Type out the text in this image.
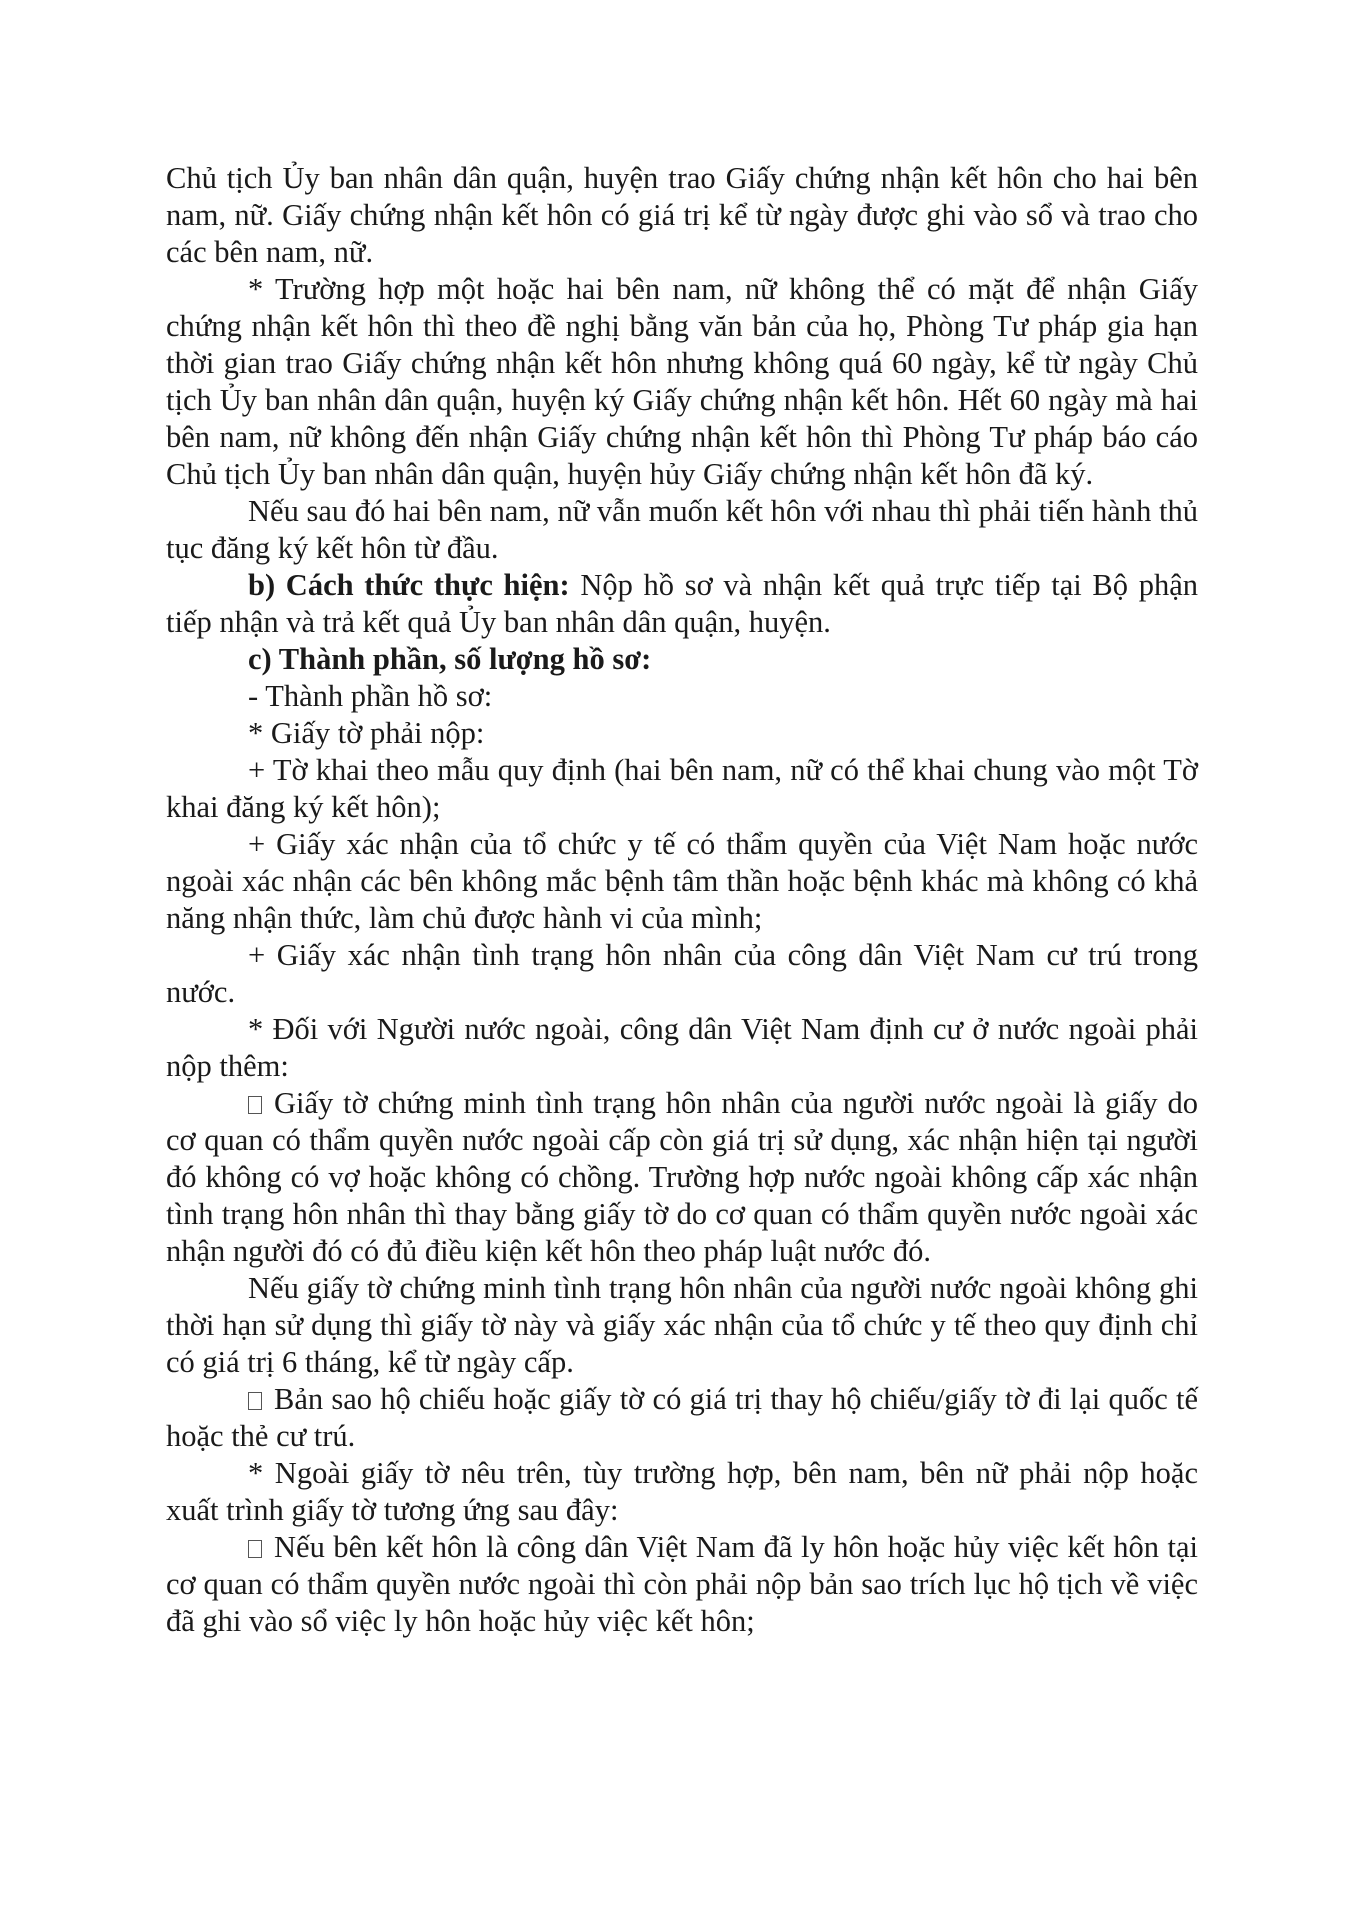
Chủ tịch Ủy ban nhân dân quận, huyện trao Giấy chứng nhận kết hôn cho hai bên nam, nữ. Giấy chứng nhận kết hôn có giá trị kể từ ngày được ghi vào sổ và trao cho các bên nam, nữ.

* Trường hợp một hoặc hai bên nam, nữ không thể có mặt để nhận Giấy chứng nhận kết hôn thì theo đề nghị bằng văn bản của họ, Phòng Tư pháp gia hạn thời gian trao Giấy chứng nhận kết hôn nhưng không quá 60 ngày, kể từ ngày Chủ tịch Ủy ban nhân dân quận, huyện ký Giấy chứng nhận kết hôn. Hết 60 ngày mà hai bên nam, nữ không đến nhận Giấy chứng nhận kết hôn thì Phòng Tư pháp báo cáo Chủ tịch Ủy ban nhân dân quận, huyện hủy Giấy chứng nhận kết hôn đã ký.

Nếu sau đó hai bên nam, nữ vẫn muốn kết hôn với nhau thì phải tiến hành thủ tục đăng ký kết hôn từ đầu.

b) Cách thức thực hiện: Nộp hồ sơ và nhận kết quả trực tiếp tại Bộ phận tiếp nhận và trả kết quả Ủy ban nhân dân quận, huyện.

c) Thành phần, số lượng hồ sơ:

- Thành phần hồ sơ:

* Giấy tờ phải nộp:

+ Tờ khai theo mẫu quy định (hai bên nam, nữ có thể khai chung vào một Tờ khai đăng ký kết hôn);

+ Giấy xác nhận của tổ chức y tế có thẩm quyền của Việt Nam hoặc nước ngoài xác nhận các bên không mắc bệnh tâm thần hoặc bệnh khác mà không có khả năng nhận thức, làm chủ được hành vi của mình;

+ Giấy xác nhận tình trạng hôn nhân của công dân Việt Nam cư trú trong nước.

* Đối với Người nước ngoài, công dân Việt Nam định cư ở nước ngoài phải nộp thêm:

Giấy tờ chứng minh tình trạng hôn nhân của người nước ngoài là giấy do cơ quan có thẩm quyền nước ngoài cấp còn giá trị sử dụng, xác nhận hiện tại người đó không có vợ hoặc không có chồng. Trường hợp nước ngoài không cấp xác nhận tình trạng hôn nhân thì thay bằng giấy tờ do cơ quan có thẩm quyền nước ngoài xác nhận người đó có đủ điều kiện kết hôn theo pháp luật nước đó.

Nếu giấy tờ chứng minh tình trạng hôn nhân của người nước ngoài không ghi thời hạn sử dụng thì giấy tờ này và giấy xác nhận của tổ chức y tế theo quy định chỉ có giá trị 6 tháng, kể từ ngày cấp.

Bản sao hộ chiếu hoặc giấy tờ có giá trị thay hộ chiếu/giấy tờ đi lại quốc tế hoặc thẻ cư trú.

* Ngoài giấy tờ nêu trên, tùy trường hợp, bên nam, bên nữ phải nộp hoặc xuất trình giấy tờ tương ứng sau đây:

Nếu bên kết hôn là công dân Việt Nam đã ly hôn hoặc hủy việc kết hôn tại cơ quan có thẩm quyền nước ngoài thì còn phải nộp bản sao trích lục hộ tịch về việc đã ghi vào sổ việc ly hôn hoặc hủy việc kết hôn;
